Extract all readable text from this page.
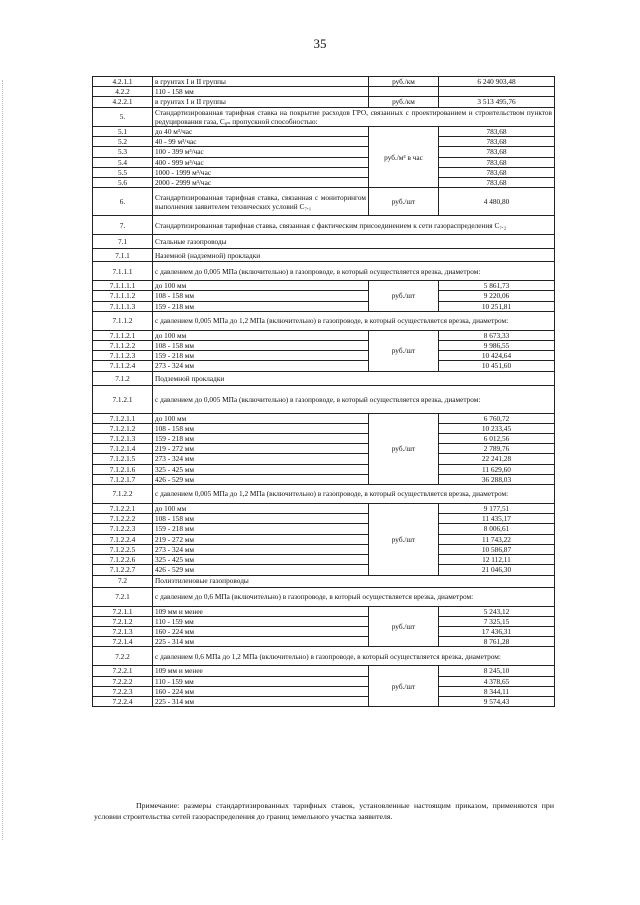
35
4.2.1.1	в грунтах I и II группы	руб./км	6 240 903,48
4.2.2	110 - 158 мм		
4.2.2.1	в грунтах I и II группы	руб./км	3 513 495,76
5.	Стандартизированная тарифная ставка на покрытие расходов ГРО, связанных с проектированием и строительством пунктов редуцирования газа, C₈ₙ пропускной способностью:		
5.1	до 40 м³/час	руб./м³ в час	783,68
5.2	40 - 99 м³/час		783,68
5.3	100 - 399 м³/час		783,68
5.4	400 - 999 м³/час		783,68
5.5	1000 - 1999 м³/час		783,68
5.6	2000 - 2999 м³/час		783,68
6.	Стандартизированная тарифная ставка, связанная с мониторингом выполнения заявителем технических условий C₇.₁	руб./шт	4 480,80
7.	Стандартизированная тарифная ставка, связанная с фактическим присоединением к сети газораспределения C₇.₂		
7.1	Стальные газопроводы		
7.1.1	Наземной (надземной) прокладки		
7.1.1.1	с давлением до 0,005 МПа (включительно) в газопроводе, в который осуществляется врезка, диаметром:		
7.1.1.1.1	до 100 мм	руб./шт	5 861,73
7.1.1.1.2	108 - 158 мм		9 220,06
7.1.1.1.3	159 - 218 мм		10 251,81
7.1.1.2	с давлением 0,005 МПа до 1,2 МПа (включительно) в газопроводе, в который осуществляется врезка, диаметром:		
7.1.1.2.1	до 100 мм	руб./шт	8 673,33
7.1.1.2.2	108 - 158 мм		9 986,55
7.1.1.2.3	159 - 218 мм		10 424,64
7.1.1.2.4	273 - 324 мм		10 451,60
7.1.2	Подземной прокладки		
7.1.2.1	с давлением до 0,005 МПа (включительно) в газопроводе, в который осуществляется врезка, диаметром:		
7.1.2.1.1	до 100 мм	руб./шт	6 760,72
7.1.2.1.2	108 - 158 мм		10 233,45
7.1.2.1.3	159 - 218 мм		6 012,56
7.1.2.1.4	219 - 272 мм		2 789,76
7.1.2.1.5	273 - 324 мм		22 241,28
7.1.2.1.6	325 - 425 мм		11 629,60
7.1.2.1.7	426 - 529 мм		36 288,03
7.1.2.2	с давлением 0,005 МПа до 1,2 МПа (включительно) в газопроводе, в который осуществляется врезка, диаметром:		
7.1.2.2.1	до 100 мм	руб./шт	9 177,51
7.1.2.2.2	108 - 158 мм		11 435,17
7.1.2.2.3	159 - 218 мм		8 006,61
7.1.2.2.4	219 - 272 мм		11 743,22
7.1.2.2.5	273 - 324 мм		10 586,87
7.1.2.2.6	325 - 425 мм		12 112,11
7.1.2.2.7	426 - 529 мм		21 046,30
7.2	Полиэтиленовые газопроводы		
7.2.1	с давлением до 0,6 МПа (включительно) в газопроводе, в который осуществляется врезка, диаметром:		
7.2.1.1	109 мм и менее	руб./шт	5 243,12
7.2.1.2	110 - 159 мм		7 325,15
7.2.1.3	160 - 224 мм		17 436,31
7.2.1.4	225 - 314 мм		8 761,28
7.2.2	с давлением 0,6 МПа до 1,2 МПа (включительно) в газопроводе, в который осуществляется врезка, диаметром:		
7.2.2.1	109 мм и менее	руб./шт	8 245,10
7.2.2.2	110 - 159 мм		4 378,65
7.2.2.3	160 - 224 мм		8 344,11
7.2.2.4	225 - 314 мм		9 574,43
Примечание: размеры стандартизированных тарифных ставок, установленные настоящим приказом, применяются при условии строительства сетей газораспределения до границ земельного участка заявителя.
